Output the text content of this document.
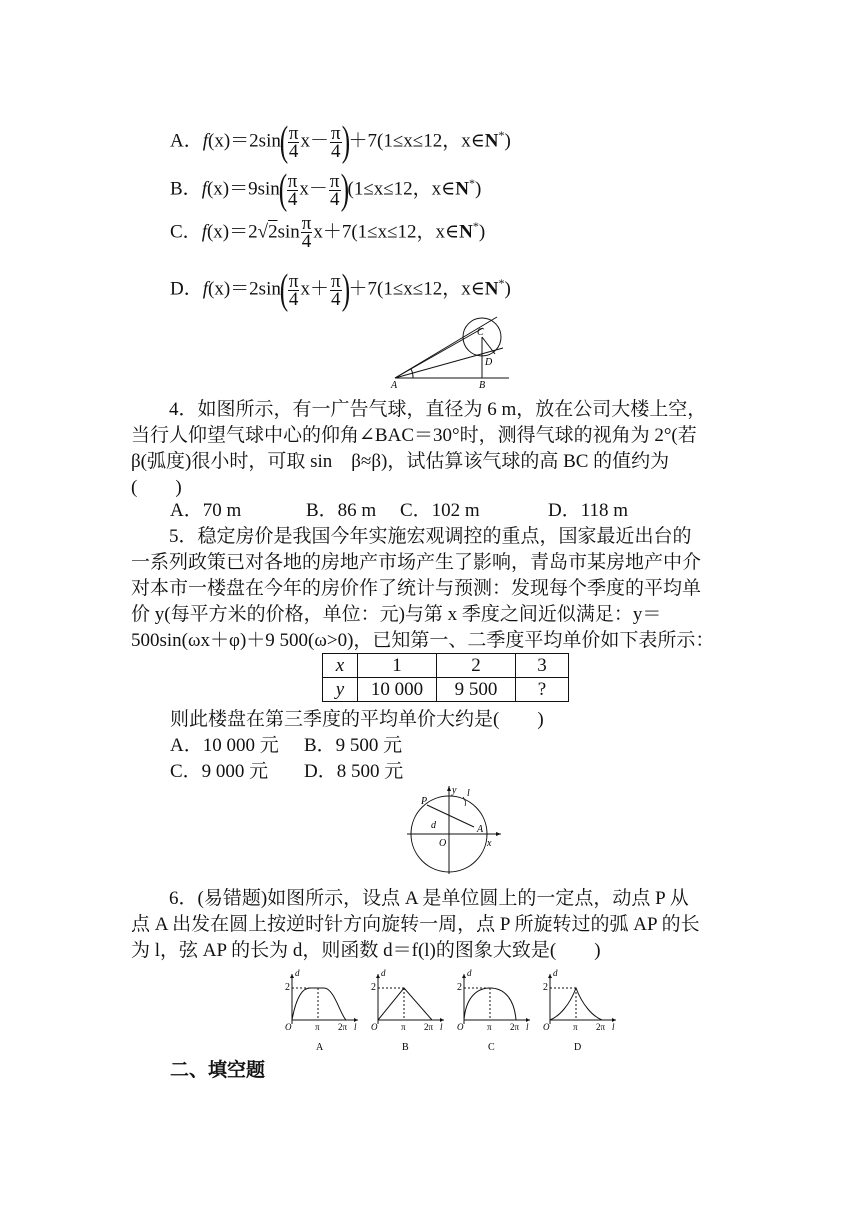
A．$f(x)=2\sin( \frac{\pi}{4} x- \frac{\pi}{4} )+7(1\le x\le 12$，x∈N*)
B．$f(x)=9\sin( \frac{\pi}{4} x- \frac{\pi}{4} )(1\le x\le 12$，x∈N*)
C．$f(x)=2√2\sin \frac{\pi}{4} x+7(1\le x\le 12$，x∈N*)
D．$f(x)=2\sin( \frac{\pi}{4} x+ \frac{\pi}{4} )+7(1\le x\le 12$，x∈N*)
C
D
A	B
4．如图所示，有一广告气球，直径为 6 m，放在公司大楼上空，
当行人仰望气球中心的仰角∠BAC＝30°时，测得气球的视角为 2°(若
β(弧度)很小时，可取 sin　β≈β)，试估算该气球的高 BC 的值约为
(　　)
A．70 m	B．86 m C．102 m	D．118 m
5．稳定房价是我国今年实施宏观调控的重点，国家最近出台的
一系列政策已对各地的房地产市场产生了影响，青岛市某房地产中介
对本市一楼盘在今年的房价作了统计与预测：发现每个季度的平均单
价 y(每平方米的价格，单位：元)与第 x 季度之间近似满足：y＝
500sin(ωx＋φ)＋9 500(ω>0)，已知第一、二季度平均单价如下表所示：
x	1	2	3
y	10 000	9 500	?
则此楼盘在第三季度的平均单价大约是(　　)
A．10 000 元 B．9 500 元
C．9 000 元 D．8 500 元
y
P
l
d	A
O	x
6．(易错题)如图所示，设点 A 是单位圆上的一定点，动点 P 从
点 A 出发在圆上按逆时针方向旋转一周，点 P 所旋转过的弧 AP 的长
为 l，弦 AP 的长为 d，则函数 d＝f(l)的图象大致是(　　)
2
d
O	π 2π l
A
2
d
O	π 2π l
B
2
d
O	π 2π l
C
2
d
O	π 2π l
D
二、填空题
